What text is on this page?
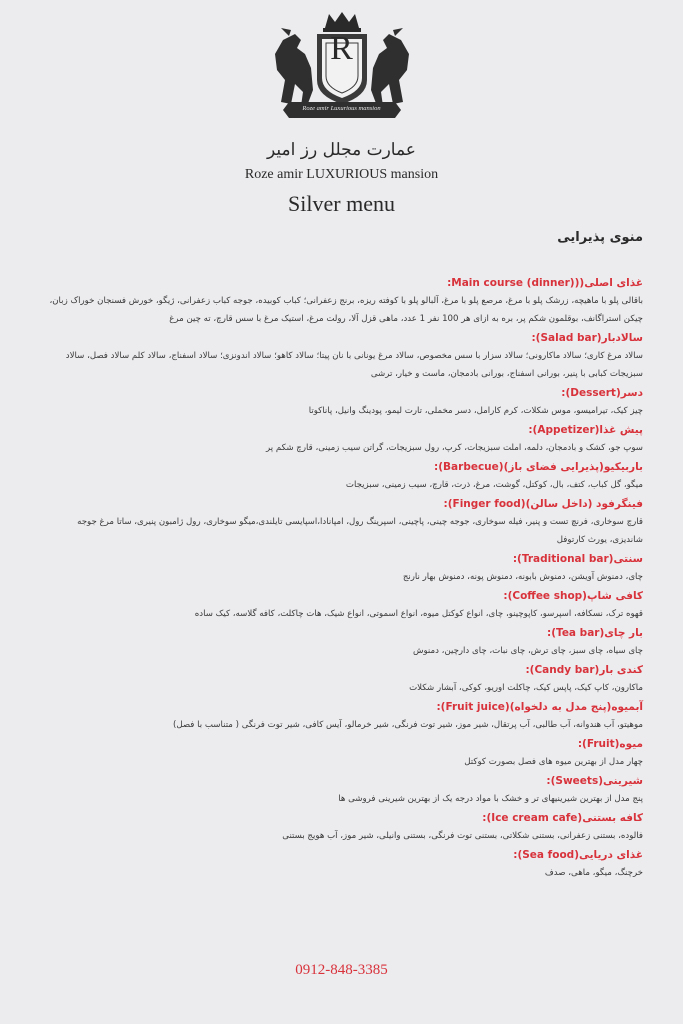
R
Roze amir Luxurious mansion
عمارت مجلل رز امیر
Roze amir LUXURIOUS mansion
Silver menu
منوی پذیرایی
غذای اصلی((Main course (dinner):
باقالی پلو با ماهیچه، زرشک پلو با مرغ، مرصع پلو با مرغ، آلبالو پلو با کوفته ریزه، برنج زعفرانی؛ کباب کوبیده، جوجه کباب زعفرانی، ژیگو، خورش فسنجان خوراک زبان، چیکن استراگانف، بوقلمون شکم پر، بره به ازای هر 100 نفر 1 عدد، ماهی قزل آلا، رولت مرغ، استیک مرغ با سس قارچ، ته چین مرغ
سالادبار(Salad bar):
سالاد مرغ کاری؛ سالاد ماکارونی؛ سالاد سزار با سس مخصوص، سالاد مرغ یونانی با نان پیتا؛ سالاد کاهو؛ سالاد اندونزی؛ سالاد اسفناج، سالاد کلم سالاد فصل، سالاد سبزیجات کبابی با پنیر، بورانی اسفناج، بورانی بادمجان، ماست و خیار، ترشی
دسر(Dessert):
چیز کیک، تیرامیسو، موس شکلات، کرم کارامل، دسر مخملی، تارت لیمو، پودینگ وانیل، پاناکوتا
پیش غذا(Appetizer):
سوپ جو، کشک و بادمجان، دلمه، املت سبزیجات، کرپ، رول سبزیجات، گراتن سیب زمینی، قارچ شکم پر
باربیکیو(پذیرایی فضای باز)(Barbecue):
میگو، گل کباب، کتف، بال، کوکتل، گوشت، مرغ، ذرت، قارچ، سیب زمینی، سبزیجات
فینگرفود (داخل سالن)(Finger food):
قارچ سوخاری، فرنچ تست و پنیر، فیله سوخاری، جوجه چینی، پاچینی، اسپرینگ رول، امپانادا،اسپایسی تایلندی،میگو سوخاری، رول ژامبون پنیری، ساتا مرغ جوجه شاندیزی، یورث کارتوفل
سنتی(Traditional bar):
چای، دمنوش آویشن، دمنوش بابونه، دمنوش پونه، دمنوش بهار نارنج
کافی شاپ(Coffee shop):
قهوه ترک، نسکافه، اسپرسو، کاپوچینو، چای، انواع کوکتل میوه، انواع اسموتی، انواع شیک، هات چاکلت، کافه گلاسه، کیک ساده
بار چای(Tea bar):
چای سیاه، چای سبز، چای ترش، چای نبات، چای دارچین، دمنوش
کندی بار(Candy bar):
ماکارون، کاپ کیک، پاپس کیک، چاکلت اوریو، کوکی، آبشار شکلات
آبمیوه(پنج مدل به دلخواه)(Fruit juice):
موهیتو، آب هندوانه، آب طالبی، آب پرتقال، شیر موز، شیر توت فرنگی، شیر خرمالو، آیس کافی، شیر توت فرنگی ( متناسب با فصل)
میوه(Fruit):
چهار مدل از بهترین میوه های فصل بصورت کوکتل
شیرینی(Sweets):
پنج مدل از بهترین شیرینیهای تر و خشک با مواد درجه یک از بهترین شیرینی فروشی ها
کافه بستنی(Ice cream cafe):
فالوده، بستنی زعفرانی، بستنی شکلاتی، بستنی توت فرنگی، بستنی وانیلی، شیر موز، آب هویج بستنی
غذای دریایی(Sea food):
خرچنگ، میگو، ماهی، صدف
0912-848-3385
